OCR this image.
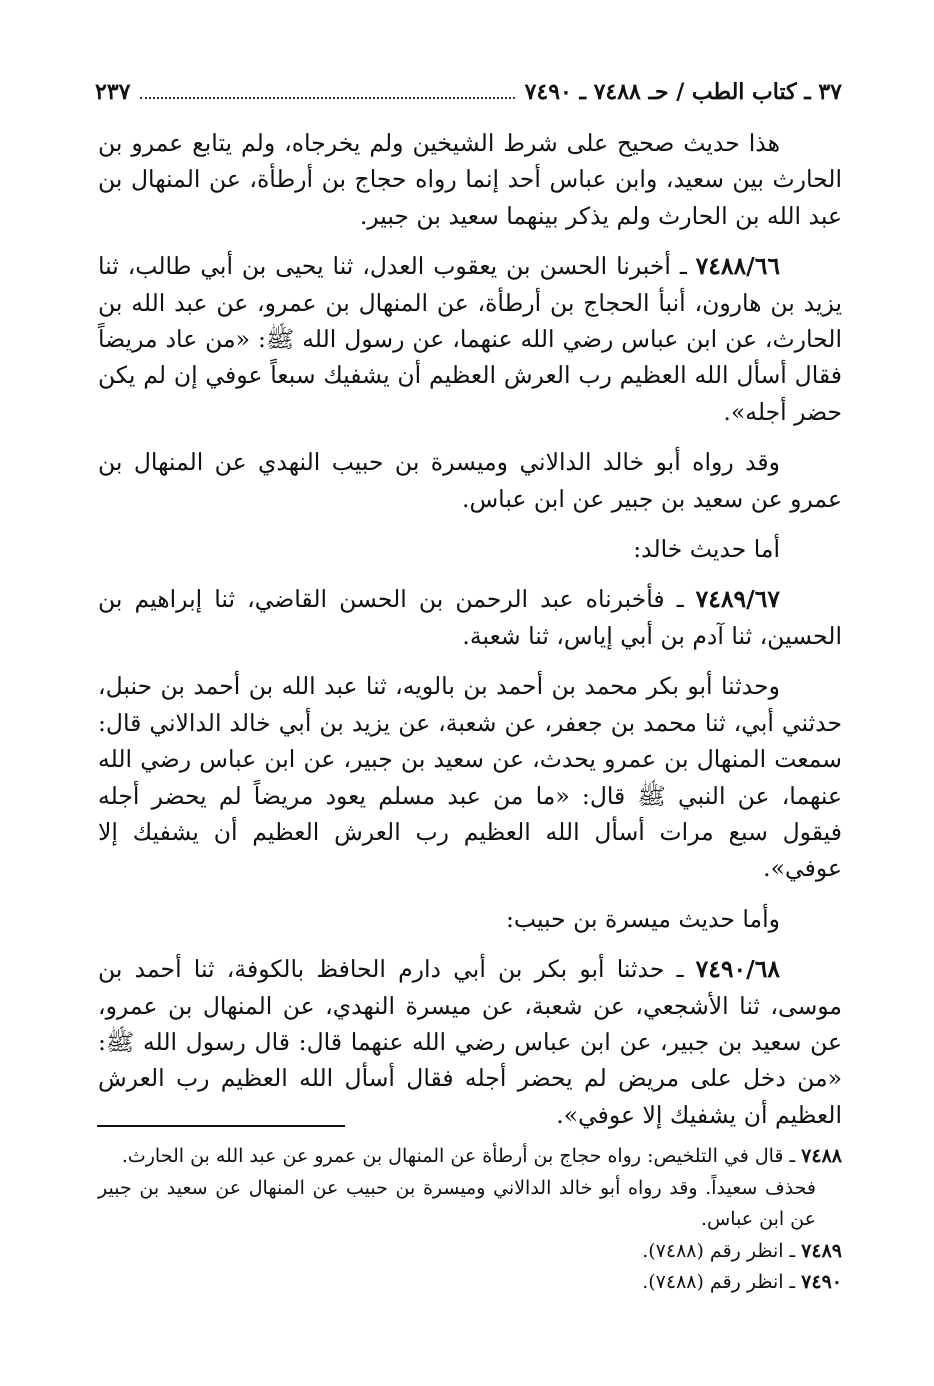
٣٧ ـ كتاب الطب / حـ ٧٤٨٨ ـ ٧٤٩٠
٢٣٧

هذا حديث صحيح على شرط الشيخين ولم يخرجاه، ولم يتابع عمرو بن الحارث بين سعيد، وابن عباس أحد إنما رواه حجاج بن أرطأة، عن المنهال بن عبد الله بن الحارث ولم يذكر بينهما سعيد بن جبير.

٧٤٨٨/٦٦ ـ أخبرنا الحسن بن يعقوب العدل، ثنا يحيى بن أبي طالب، ثنا يزيد بن هارون، أنبأ الحجاج بن أرطأة، عن المنهال بن عمرو، عن عبد الله بن الحارث، عن ابن عباس رضي الله عنهما، عن رسول الله ﷺ: «من عاد مريضاً فقال أسأل الله العظيم رب العرش العظيم أن يشفيك سبعاً عوفي إن لم يكن حضر أجله».

وقد رواه أبو خالد الدالاني وميسرة بن حبيب النهدي عن المنهال بن عمرو عن سعيد بن جبير عن ابن عباس.

أما حديث خالد:

٧٤٨٩/٦٧ ـ فأخبرناه عبد الرحمن بن الحسن القاضي، ثنا إبراهيم بن الحسين، ثنا آدم بن أبي إياس، ثنا شعبة.

وحدثنا أبو بكر محمد بن أحمد بن بالويه، ثنا عبد الله بن أحمد بن حنبل، حدثني أبي، ثنا محمد بن جعفر، عن شعبة، عن يزيد بن أبي خالد الدالاني قال: سمعت المنهال بن عمرو يحدث، عن سعيد بن جبير، عن ابن عباس رضي الله عنهما، عن النبي ﷺ قال: «ما من عبد مسلم يعود مريضاً لم يحضر أجله فيقول سبع مرات أسأل الله العظيم رب العرش العظيم أن يشفيك إلا عوفي».

وأما حديث ميسرة بن حبيب:

٧٤٩٠/٦٨ ـ حدثنا أبو بكر بن أبي دارم الحافظ بالكوفة، ثنا أحمد بن موسى، ثنا الأشجعي، عن شعبة، عن ميسرة النهدي، عن المنهال بن عمرو، عن سعيد بن جبير، عن ابن عباس رضي الله عنهما قال: قال رسول الله ﷺ: «من دخل على مريض لم يحضر أجله فقال أسأل الله العظيم رب العرش العظيم أن يشفيك إلا عوفي».

٧٤٨٨ ـ قال في التلخيص: رواه حجاج بن أرطأة عن المنهال بن عمرو عن عبد الله بن الحارث.

فحذف سعيداً. وقد رواه أبو خالد الدالاني وميسرة بن حبيب عن المنهال عن سعيد بن جبير عن ابن عباس.

٧٤٨٩ ـ انظر رقم (٧٤٨٨).

٧٤٩٠ ـ انظر رقم (٧٤٨٨).
